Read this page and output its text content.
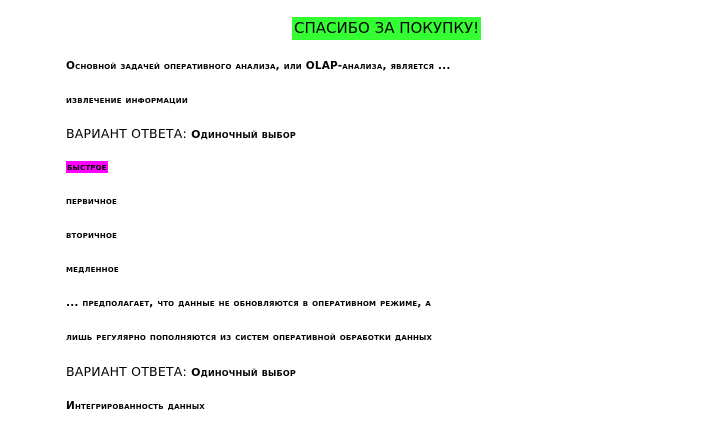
СПАСИБО ЗА ПОКУПКУ!
Основной задачей оперативного анализа, или OLAP-анализа, является ...
извлечение информации
ВАРИАНТ ОТВЕТА: Одиночный выбор
быстрое
первичное
вторичное
медленное
... предполагает, что данные не обновляются в оперативном режиме, а
лишь регулярно пополняются из систем оперативной обработки данных
ВАРИАНТ ОТВЕТА: Одиночный выбор
Интегрированность данных
